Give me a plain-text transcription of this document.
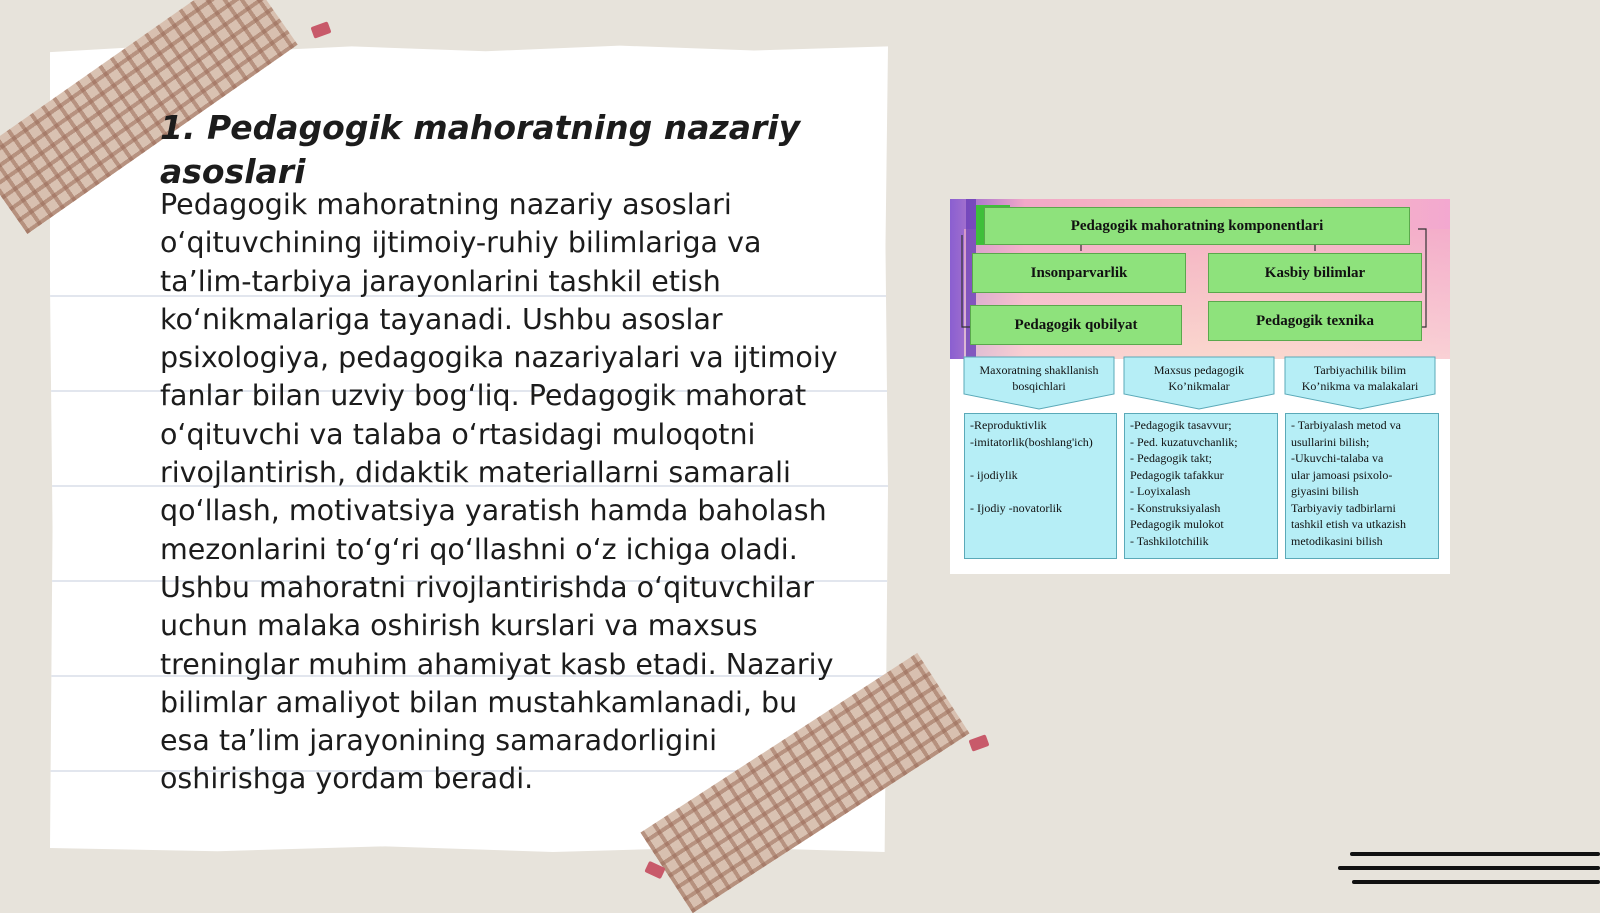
1. Pedagogik mahoratning nazariy asoslari

Pedagogik mahoratning nazariy asoslari o‘qituvchining ijtimoiy-ruhiy bilimlariga va ta’lim-tarbiya jarayonlarini tashkil etish ko‘nikmalariga tayanadi. Ushbu asoslar psixologiya, pedagogika nazariyalari va ijtimoiy fanlar bilan uzviy bog‘liq. Pedagogik mahorat o‘qituvchi va talaba o‘rtasidagi muloqotni rivojlantirish, didaktik materiallarni samarali qo‘llash, motivatsiya yaratish hamda baholash mezonlarini to‘g‘ri qo‘llashni o‘z ichiga oladi. Ushbu mahoratni rivojlantirishda o‘qituvchilar uchun malaka oshirish kurslari va maxsus treninglar muhim ahamiyat kasb etadi. Nazariy bilimlar amaliyot bilan mustahkamlanadi, bu esa ta’lim jarayonining samaradorligini oshirishga yordam beradi.

Pedagogik mahoratning komponentlari
Insonparvarlik	Kasbiy bilimlar
Pedagogik qobilyat	Pedagogik texnika
Maxoratning shakllanish bosqichlari
Maxsus pedagogik Ko’nikmalar
Tarbiyachilik bilim Ko’nikma va malakalari
-Reproduktivlik
-imitatorlik(boshlang'ich)

- ijodiylik

- Ijodiy -novatorlik
-Pedagogik tasavvur;
- Ped. kuzatuvchanlik;
- Pedagogik takt;
Pedagogik tafakkur
- Loyixalash
- Konstruksiyalash
Pedagogik mulokot
- Tashkilotchilik
- Tarbiyalash metod va
usullarini bilish;
-Ukuvchi-talaba va
ular jamoasi psixolo-
giyasini bilish
Tarbiyaviy tadbirlarni
tashkil etish va utkazish
metodikasini bilish
